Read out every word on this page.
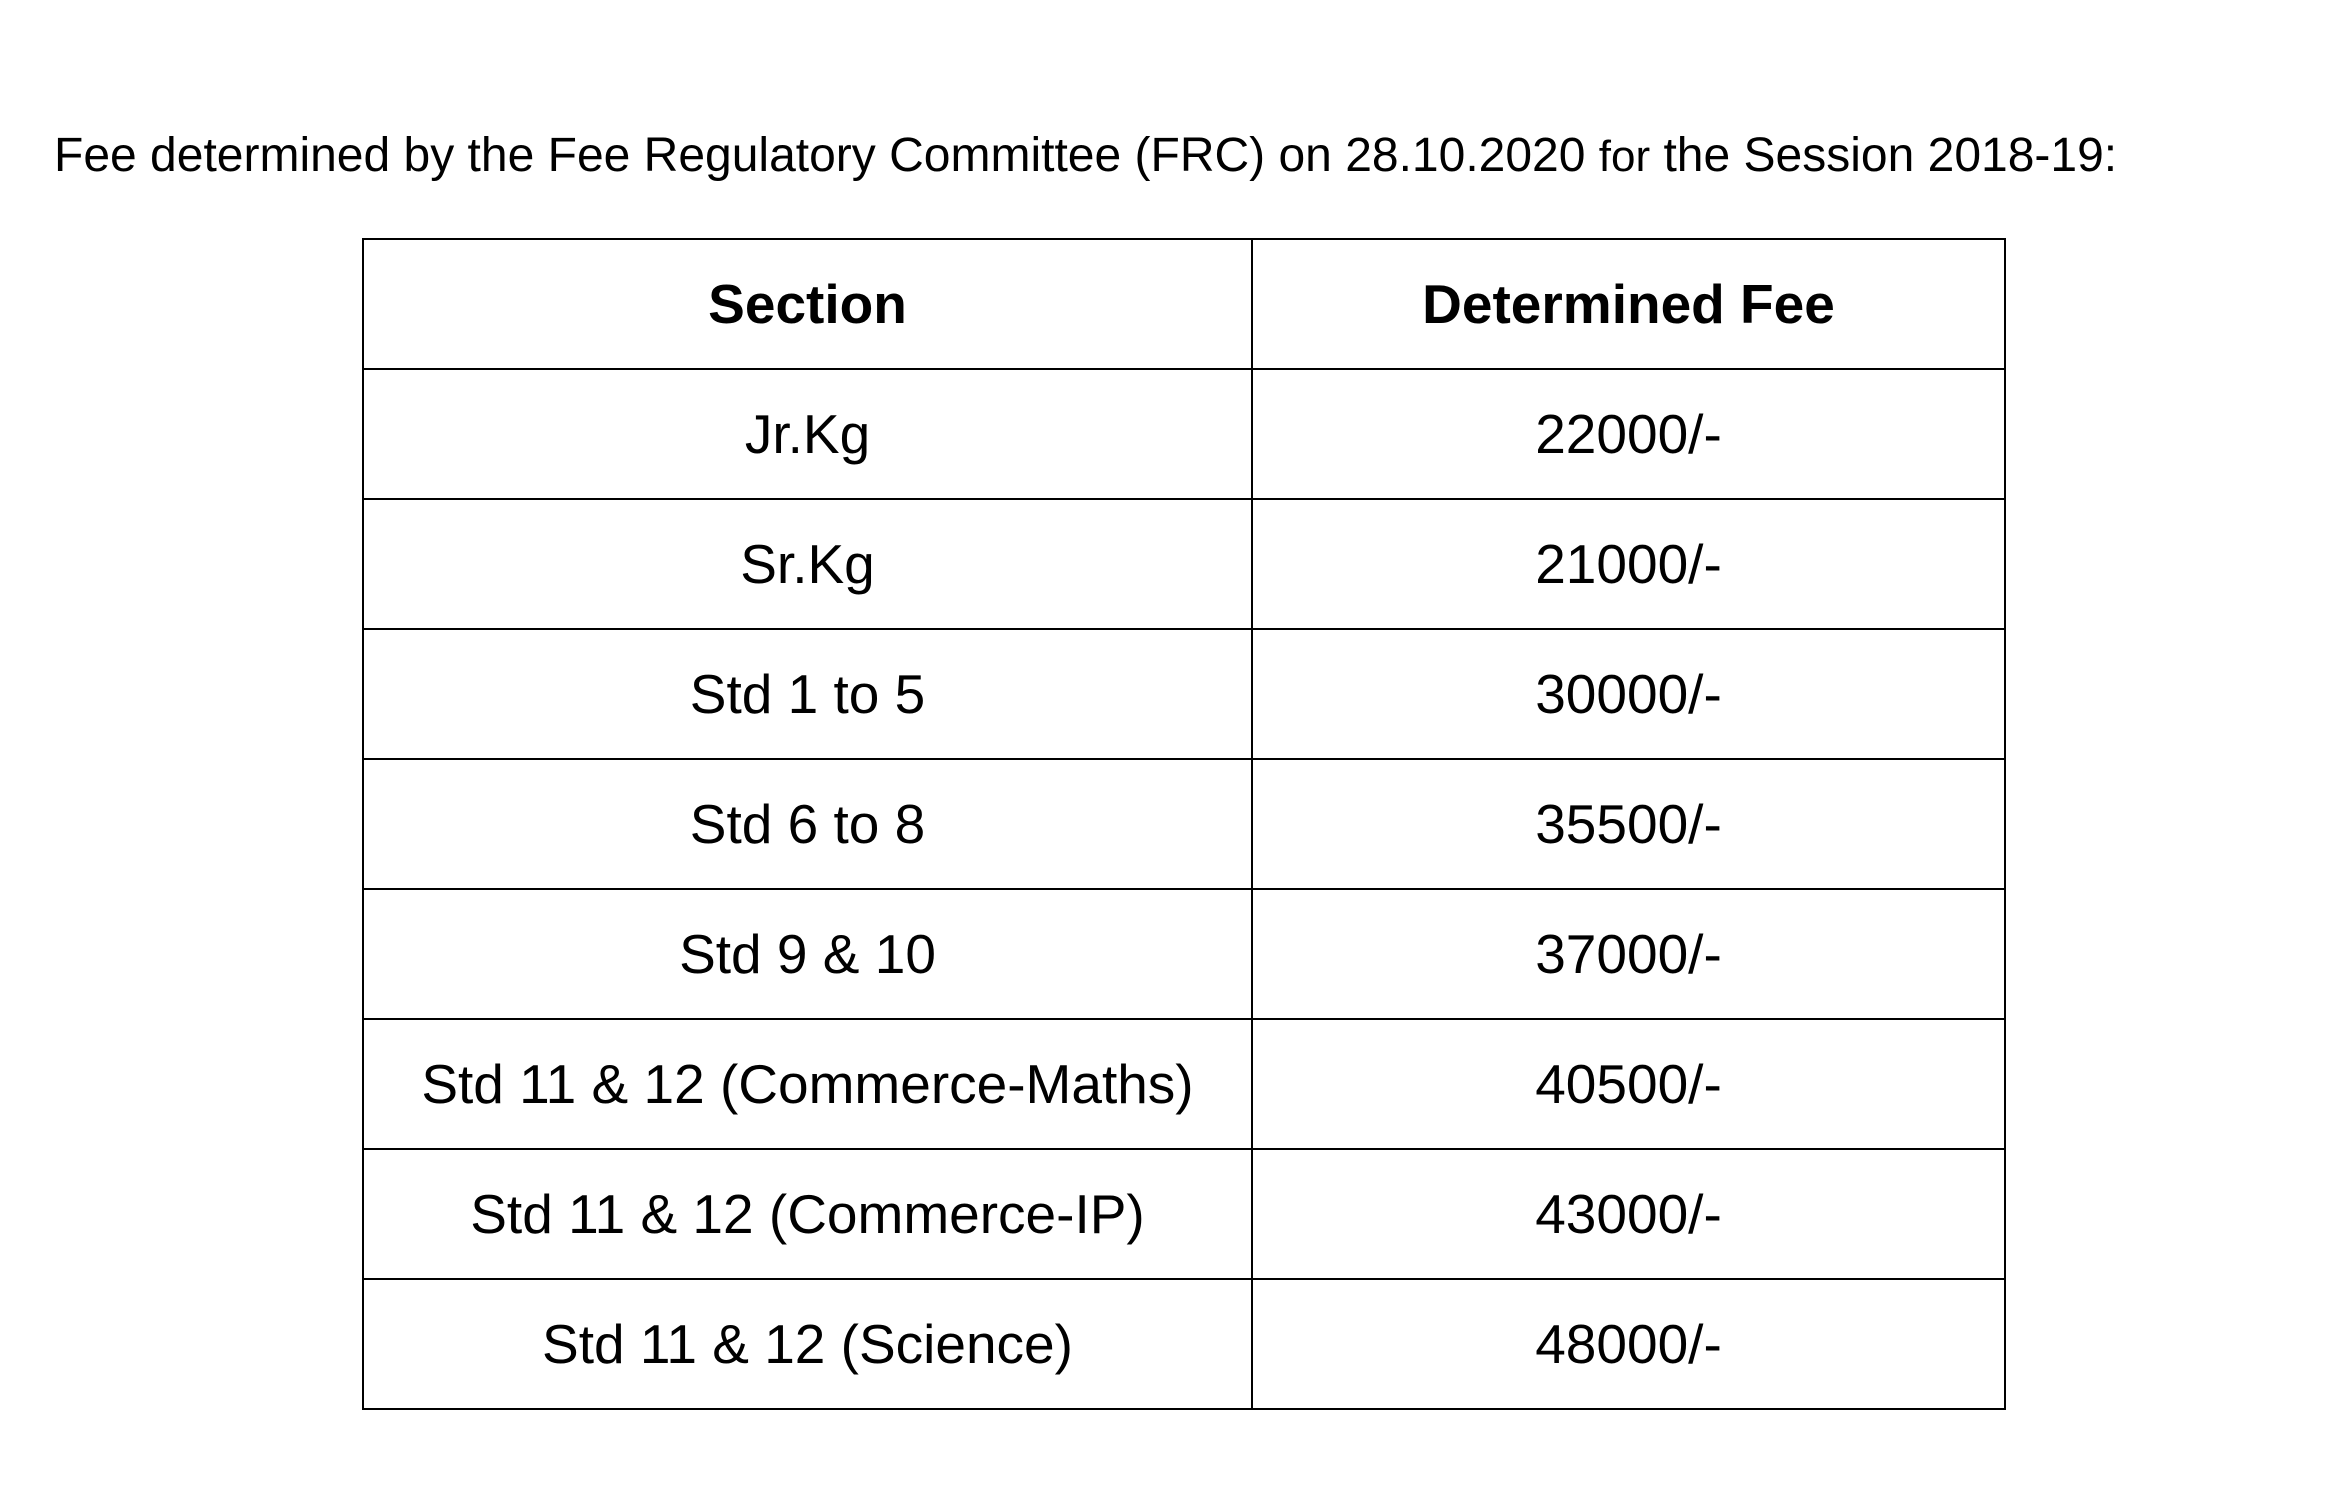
Fee determined by the Fee Regulatory Committee (FRC) on 28.10.2020 for the Session 2018-19:

Section	Determined Fee
Jr.Kg	22000/-
Sr.Kg	21000/-
Std 1 to 5	30000/-
Std 6 to 8	35500/-
Std 9 & 10	37000/-
Std 11 & 12 (Commerce-Maths)	40500/-
Std 11 & 12 (Commerce-IP)	43000/-
Std 11 & 12 (Science)	48000/-
